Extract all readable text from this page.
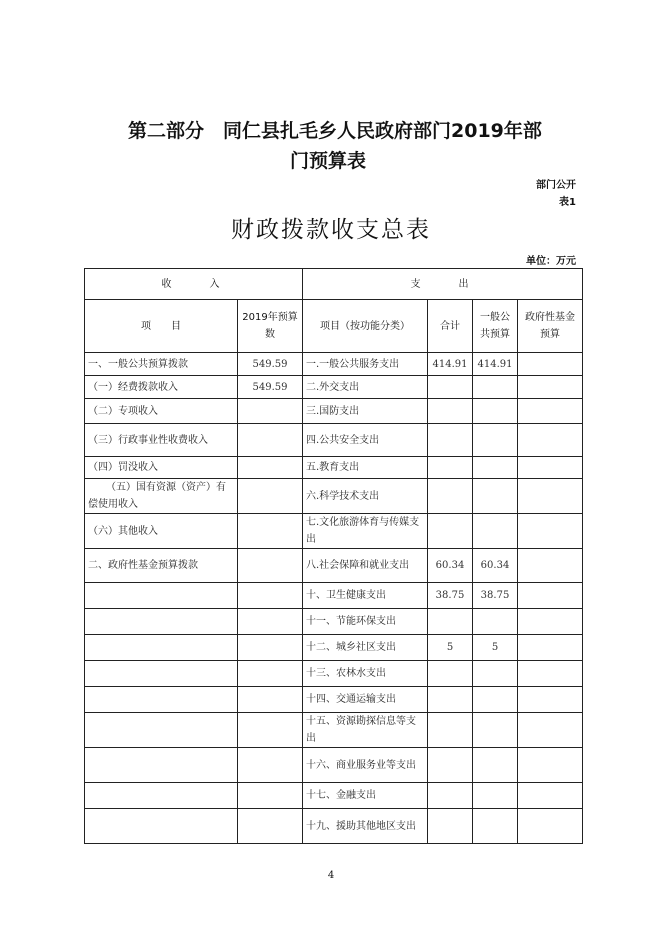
第二部分　同仁县扎毛乡人民政府部门2019年部

门预算表
部门公开
表1
财政拨款收支总表
单位：万元
收　　入		支　　出			
项　　目	2019年预算数	项目（按功能分类）	合计	一般公共预算	政府性基金预算
一、一般公共预算拨款	549.59	一.一般公共服务支出	414.91	414.91	
（一）经费拨款收入	549.59	二.外交支出			
（二）专项收入		三.国防支出			
（三）行政事业性收费收入		四.公共安全支出			
（四）罚没收入		五.教育支出			
（五）国有资源（资产）有偿使用收入		六.科学技术支出			
（六）其他收入		七.文化旅游体育与传媒支出			
二、政府性基金预算拨款		八.社会保障和就业支出	60.34	60.34	
		十、卫生健康支出	38.75	38.75	
		十一、节能环保支出			
		十二、城乡社区支出	5	5	
		十三、农林水支出			
		十四、交通运输支出			
		十五、资源勘探信息等支出			
		十六、商业服务业等支出			
		十七、金融支出			
		十九、援助其他地区支出			
4
